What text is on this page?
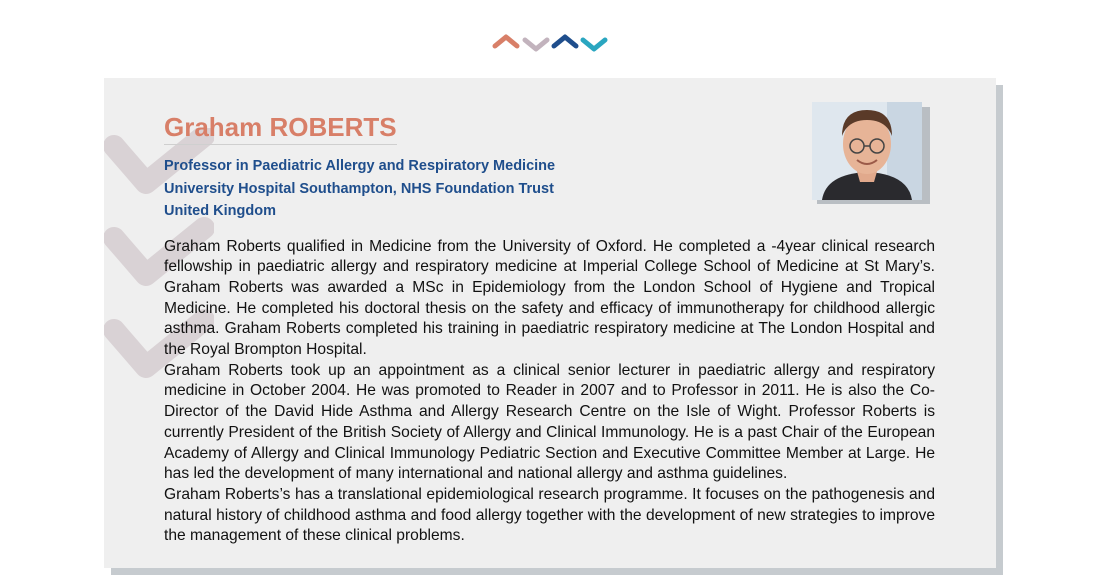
Graham ROBERTS
Professor in Paediatric Allergy and Respiratory Medicine
University Hospital Southampton, NHS Foundation Trust
United Kingdom

Graham Roberts qualified in Medicine from the University of Oxford. He completed a -4year clinical research fellowship in paediatric allergy and respiratory medicine at Imperial College School of Medicine at St Mary’s. Graham Roberts was awarded a MSc in Epidemiology from the London School of Hygiene and Tropical Medicine. He completed his doctoral thesis on the safety and efficacy of immunotherapy for childhood allergic asthma. Graham Roberts completed his training in paediatric respiratory medicine at The London Hospital and the Royal Brompton Hospital.

Graham Roberts took up an appointment as a clinical senior lecturer in paediatric allergy and respiratory medicine in October 2004. He was promoted to Reader in 2007 and to Professor in 2011. He is also the Co-Director of the David Hide Asthma and Allergy Research Centre on the Isle of Wight. Professor Roberts is currently President of the British Society of Allergy and Clinical Immunology. He is a past Chair of the European Academy of Allergy and Clinical Immunology Pediatric Section and Executive Committee Member at Large. He has led the development of many international and national allergy and asthma guidelines.

Graham Roberts’s has a translational epidemiological research programme. It focuses on the pathogenesis and natural history of childhood asthma and food allergy together with the development of new strategies to improve the management of these clinical problems.
